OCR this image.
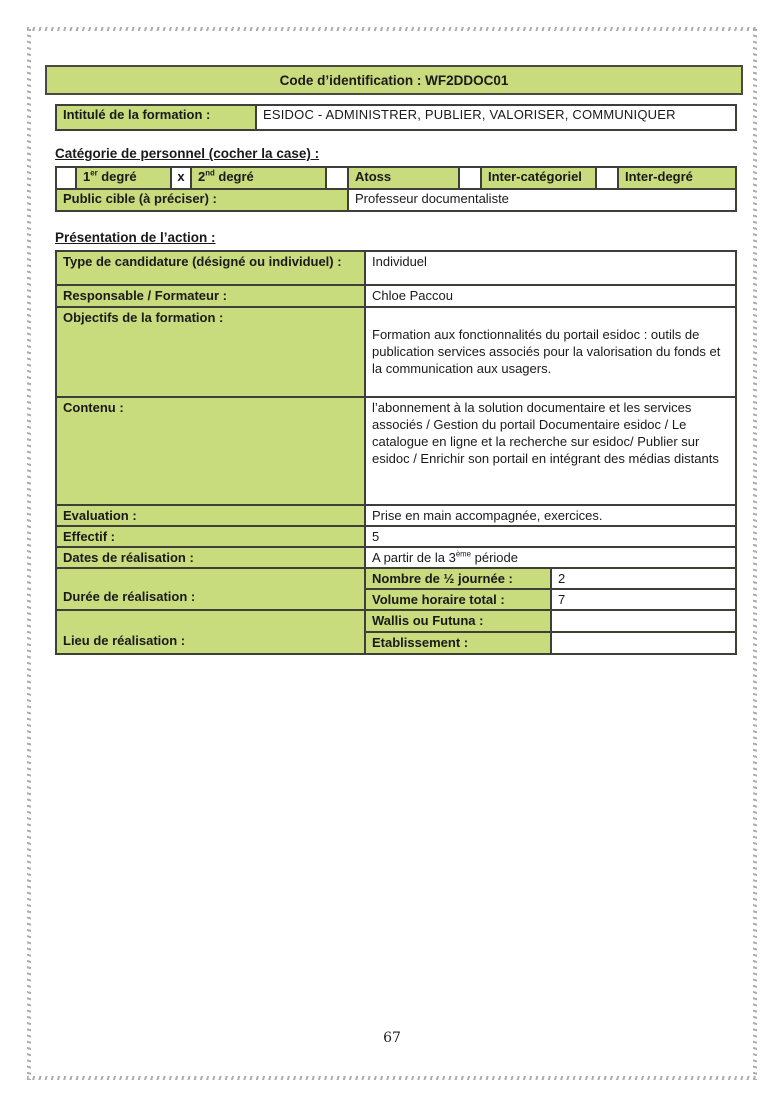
Code d’identification : WF2DDOC01
Intitulé de la formation :	ESIDOC - ADMINISTRER, PUBLIER, VALORISER, COMMUNIQUER
Catégorie de personnel (cocher la case) :
	1er degré	x	2nd degré		Atoss		Inter-catégoriel		Inter-degré
Public cible (à préciser) :					Professeur documentaliste				
Présentation de l’action :
Type de candidature (désigné ou individuel) :	Individuel	
Responsable / Formateur :	Chloe Paccou	
Objectifs de la formation :	Formation aux fonctionnalités du portail esidoc : outils de publication services associés pour la valorisation du fonds et la communication aux usagers.	
Contenu :	l’abonnement à la solution documentaire et les services associés / Gestion du portail Documentaire esidoc / Le catalogue en ligne et la recherche sur esidoc/ Publier sur esidoc / Enrichir son portail en intégrant des médias distants	
Evaluation :	Prise en main accompagnée, exercices.	
Effectif :	5	
Dates de réalisation :	A partir de la 3ème période	
Durée de réalisation :	Nombre de ½ journée :	2
	Volume horaire total :	7
Lieu de réalisation :	Wallis ou Futuna :	
	Etablissement :	
67
